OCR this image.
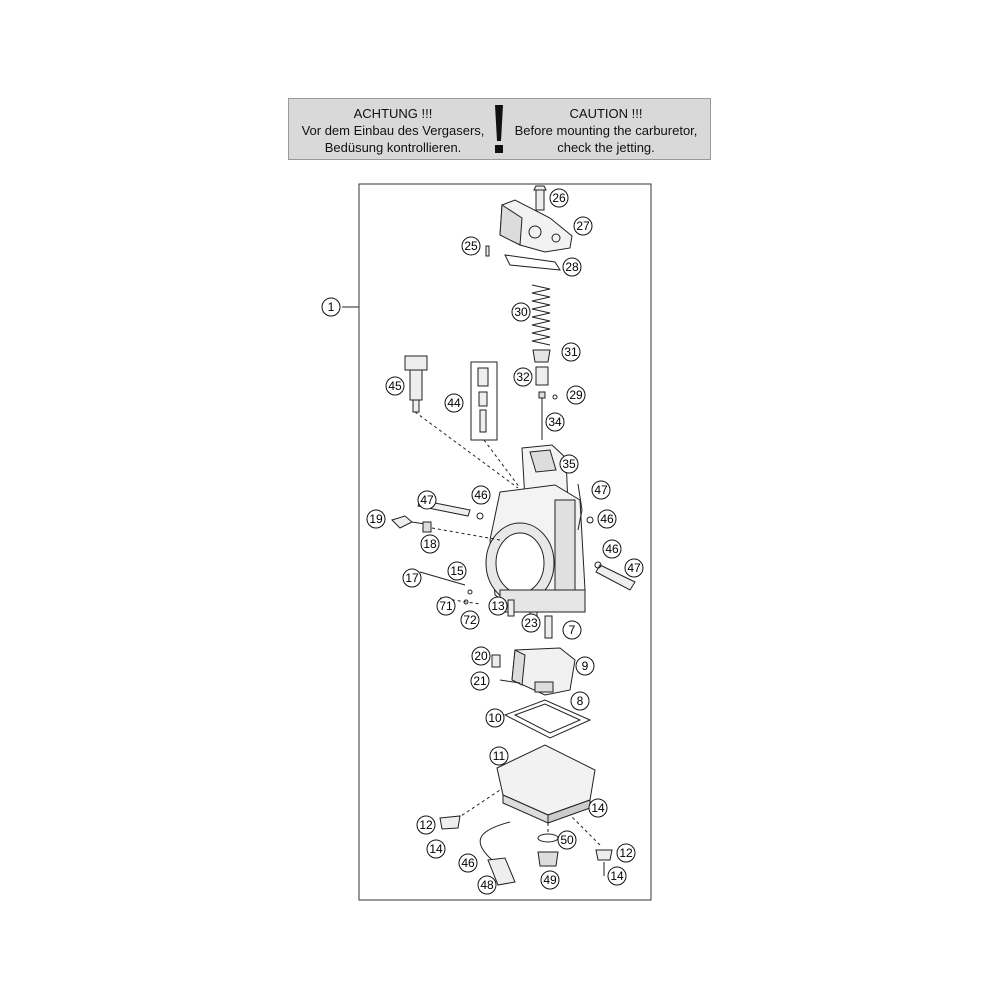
ACHTUNG !!!
Vor dem Einbau des Vergasers,
Bedüsung kontrollieren.
CAUTION !!!
Before mounting the carburetor,
check the jetting.
1
26
27
25
28
30
31
32
29
34
45
44
35
47	46	47
19	46
18	46
47
17	15
71	13
23	7
72
20
9
21
8
10
11
14
12
50
14	12
46
49	14
48
